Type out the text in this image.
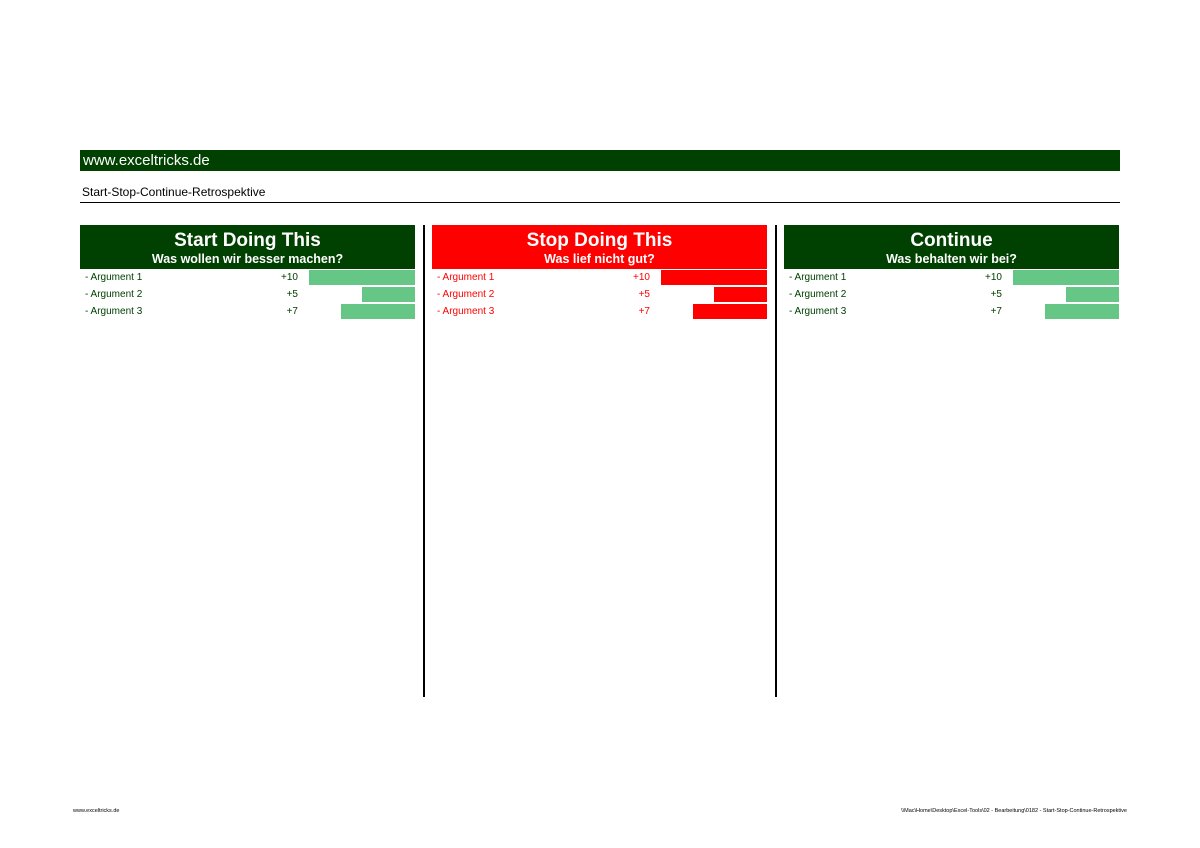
www.exceltricks.de
Start-Stop-Continue-Retrospektive
Start Doing This
Was wollen wir besser machen?
- Argument 1	+10
- Argument 2	+5
- Argument 3	+7
Stop Doing This
Was lief nicht gut?
- Argument 1	+10
- Argument 2	+5
- Argument 3	+7
Continue
Was behalten wir bei?
- Argument 1	+10
- Argument 2	+5
- Argument 3	+7
www.exceltricks.de	\\Mac\Home\Desktop\Excel-Tools\02 - Bearbeitung\0182 - Start-Stop-Continue-Retrospektive
